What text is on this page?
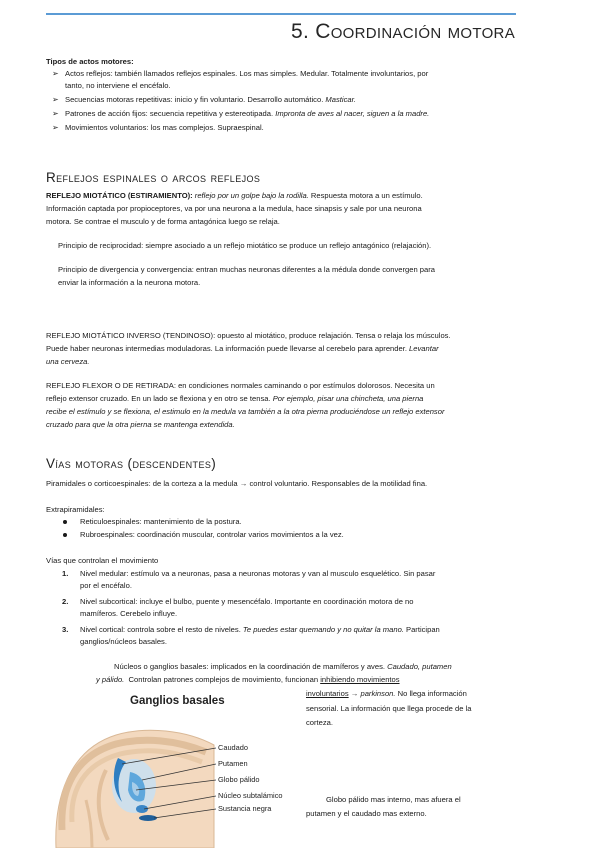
5. Coordinación motora
Tipos de actos motores:
➢ Actos reflejos: también llamados reflejos espinales. Los mas simples. Medular. Totalmente involuntarios, por
tanto, no interviene el encéfalo.
➢ Secuencias motoras repetitivas: inicio y fin voluntario. Desarrollo automático. Masticar.
➢ Patrones de acción fijos: secuencia repetitiva y estereotipada. Impronta de aves al nacer, siguen a la madre.
➢ Movimientos voluntarios: los mas complejos. Supraespinal.
Reflejos espinales o arcos reflejos
REFLEJO MIOTÁTICO (ESTIRAMIENTO): reflejo por un golpe bajo la rodilla. Respuesta motora a un estímulo.
Información captada por propioceptores, va por una neurona a la medula, hace sinapsis y sale por una neurona
motora. Se contrae el musculo y de forma antagónica luego se relaja.
Principio de reciprocidad: siempre asociado a un reflejo miotático se produce un reflejo antagónico (relajación).
Principio de divergencia y convergencia: entran muchas neuronas diferentes a la médula donde convergen para
enviar la información a la neurona motora.
REFLEJO MIOTÁTICO INVERSO (TENDINOSO): opuesto al miotático, produce relajación. Tensa o relaja los músculos.
Puede haber neuronas intermedias moduladoras. La información puede llevarse al cerebelo para aprender. Levantar
una cerveza.
REFLEJO FLEXOR O DE RETIRADA: en condiciones normales caminando o por estímulos dolorosos. Necesita un
reflejo extensor cruzado. En un lado se flexiona y en otro se tensa. Por ejemplo, pisar una chincheta, una pierna
recibe el estímulo y se flexiona, el estimulo en la medula va también a la otra pierna produciéndose un reflejo extensor
cruzado para que la otra pierna se mantenga extendida.
Vías motoras (descendentes)
Piramidales o corticoespinales: de la corteza a la medula → control voluntario. Responsables de la motilidad fina.
Extrapiramidales:
Reticuloespinales: mantenimiento de la postura.
Rubroespinales: coordinación muscular, controlar varios movimientos a la vez.
Vías que controlan el movimiento
1. Nivel medular: estímulo va a neuronas, pasa a neuronas motoras y van al musculo esquelético. Sin pasar
por el encéfalo.
2. Nivel subcortical: incluye el bulbo, puente y mesencéfalo. Importante en coordinación motora de no
mamíferos. Cerebelo influye.
3. Nivel cortical: controla sobre el resto de niveles. Te puedes estar quemando y no quitar la mano. Participan
ganglios/núcleos basales.
Núcleos o ganglios basales: implicados en la coordinación de mamíferos y aves. Caudado, putamen
y pálido. Controlan patrones complejos de movimiento, funcionan inhibiendo movimientos
involuntarios → parkinson. No llega información
sensorial. La información que llega procede de la
corteza.
Globo pálido mas interno, mas afuera el
putamen y el caudado mas externo.
Ganglios basales
Caudado
Putamen
Globo pálido
Núcleo subtalámico
Sustancia negra
